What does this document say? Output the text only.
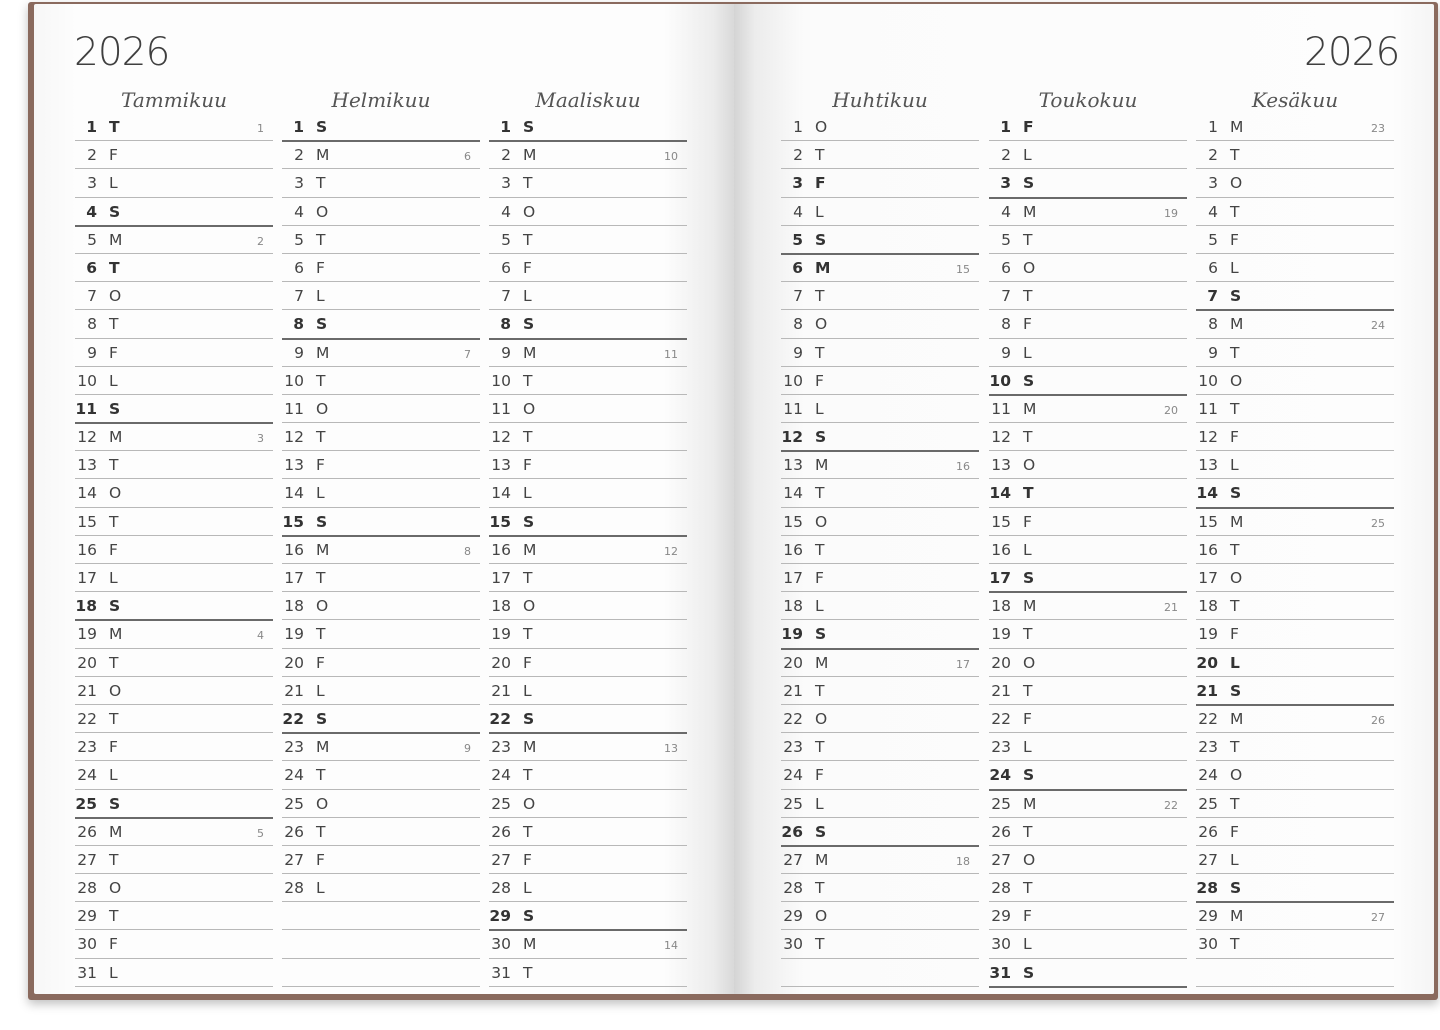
2026	2026
Tammikuu
1 T	1
2 F
3 L
4 S
5 M	2
6 T
7 O
8 T
9 F
10 L
11 S
12 M	3
13 T
14 O
15 T
16 F
17 L
18 S
19 M	4
20 T
21 O
22 T
23 F
24 L
25 S
26 M	5
27 T
28 O
29 T
30 F
31 L
Helmikuu
1 S
2 M	6
3 T
4 O
5 T
6 F
7 L
8 S
9 M	7
10 T
11 O
12 T
13 F
14 L
15 S
16 M	8
17 T
18 O
19 T
20 F
21 L
22 S
23 M	9
24 T
25 O
26 T
27 F
28 L
Maaliskuu
1 S
2 M	10
3 T
4 O
5 T
6 F
7 L
8 S
9 M	11
10 T
11 O
12 T
13 F
14 L
15 S
16 M	12
17 T
18 O
19 T
20 F
21 L
22 S
23 M	13
24 T
25 O
26 T
27 F
28 L
29 S
30 M	14
31 T
Huhtikuu
1 O
2 T
3 F
4 L
5 S
6 M	15
7 T
8 O
9 T
10 F
11 L
12 S
13 M	16
14 T
15 O
16 T
17 F
18 L
19 S
20 M	17
21 T
22 O
23 T
24 F
25 L
26 S
27 M	18
28 T
29 O
30 T
Toukokuu
1 F
2 L
3 S
4 M	19
5 T
6 O
7 T
8 F
9 L
10 S
11 M	20
12 T
13 O
14 T
15 F
16 L
17 S
18 M	21
19 T
20 O
21 T
22 F
23 L
24 S
25 M	22
26 T
27 O
28 T
29 F
30 L
31 S
Kesäkuu
1 M	23
2 T
3 O
4 T
5 F
6 L
7 S
8 M	24
9 T
10 O
11 T
12 F
13 L
14 S
15 M	25
16 T
17 O
18 T
19 F
20 L
21 S
22 M	26
23 T
24 O
25 T
26 F
27 L
28 S
29 M	27
30 T
